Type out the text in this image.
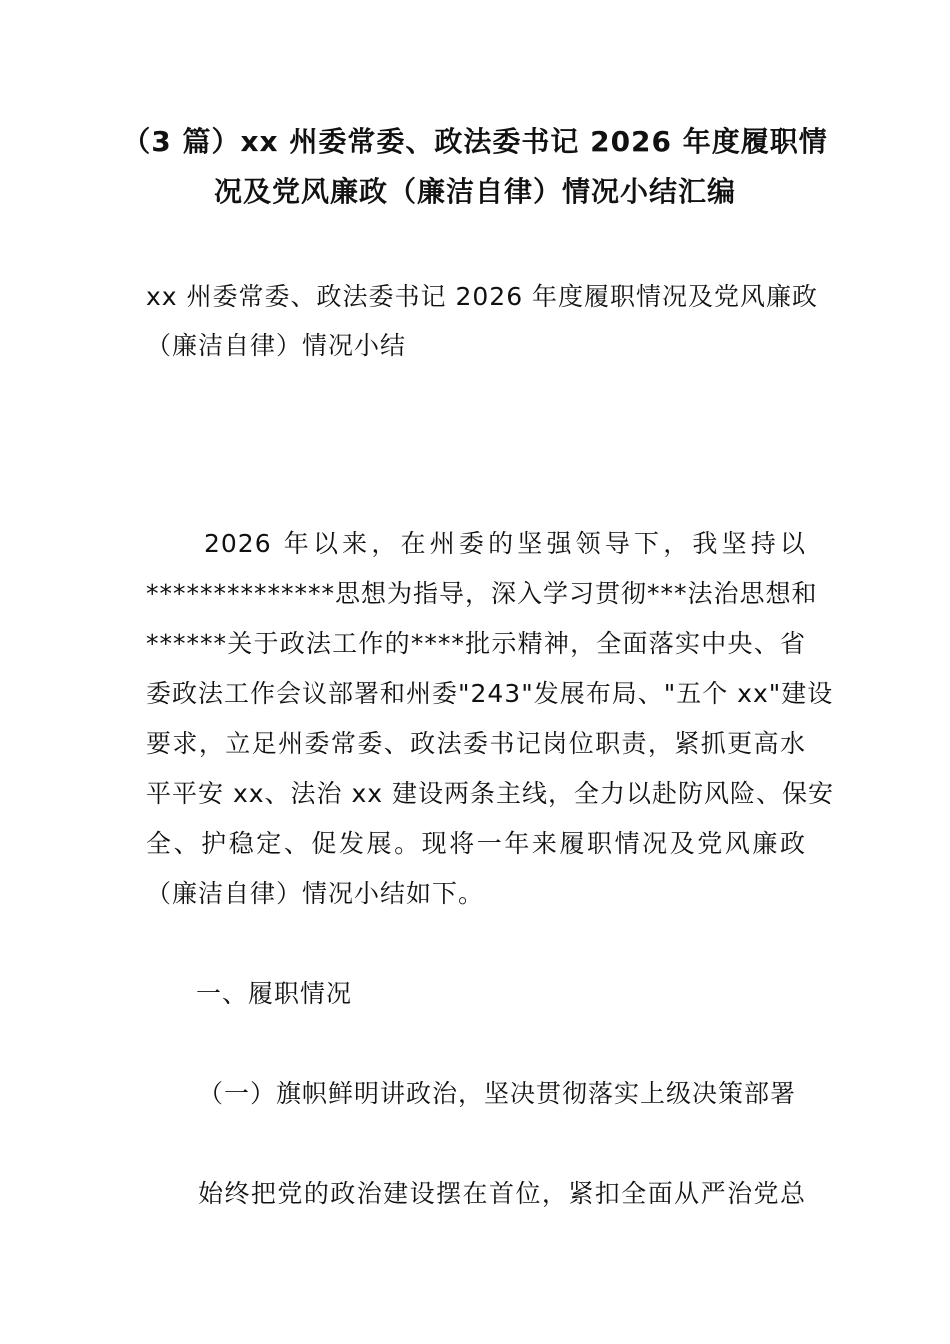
（3 篇）xx 州委常委、政法委书记 2026 年度履职情
况及党风廉政（廉洁自律）情况小结汇编
xx 州委常委、政法委书记 2026 年度履职情况及党风廉政
（廉洁自律）情况小结
2026 年以来，在州委的坚强领导下，我坚持以
**************思想为指导，深入学习贯彻***法治思想和
******关于政法工作的****批示精神，全面落实中央、省
委政法工作会议部署和州委"243"发展布局、"五个 xx"建设
要求，立足州委常委、政法委书记岗位职责，紧抓更高水
平平安 xx、法治 xx 建设两条主线，全力以赴防风险、保安
全、护稳定、促发展。现将一年来履职情况及党风廉政
（廉洁自律）情况小结如下。
一、履职情况
（一）旗帜鲜明讲政治，坚决贯彻落实上级决策部署
始终把党的政治建设摆在首位，紧扣全面从严治党总
